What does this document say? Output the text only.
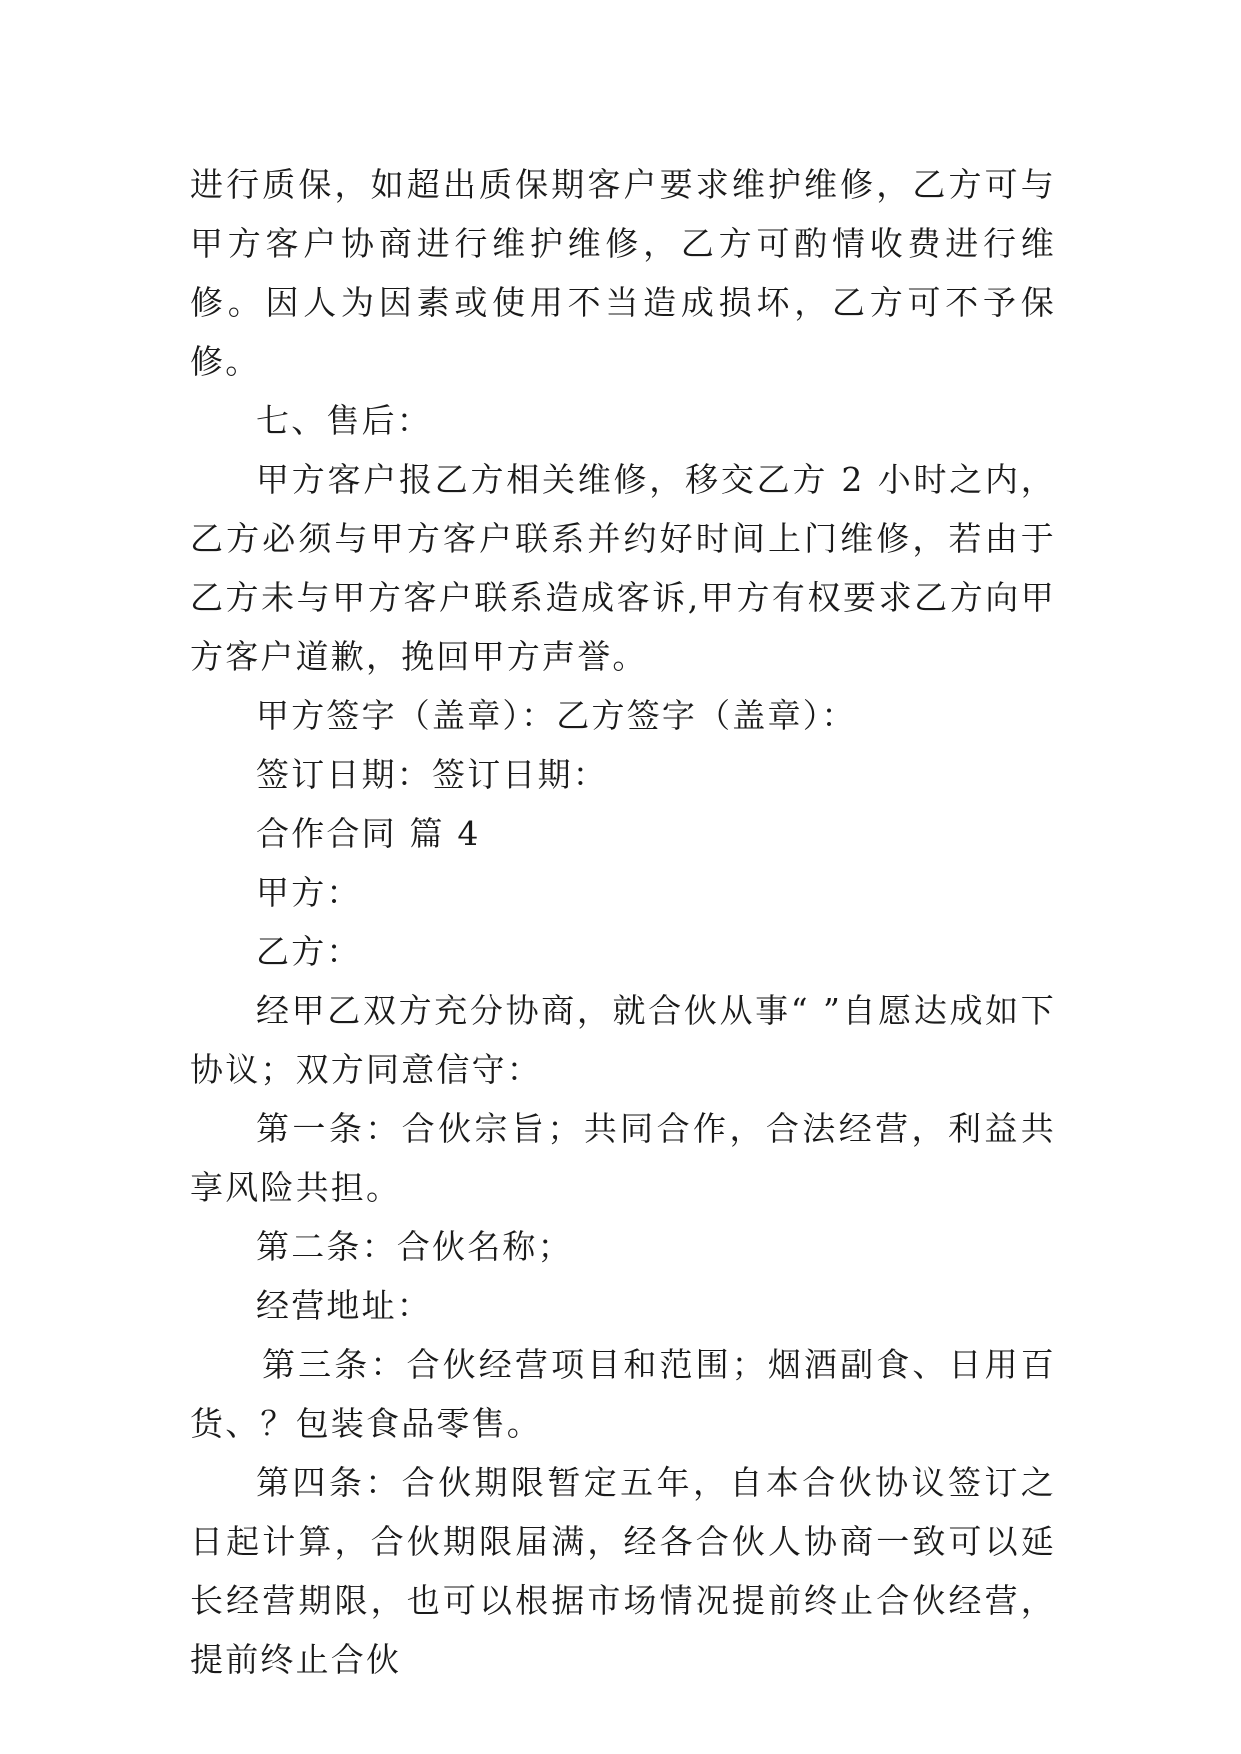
进行质保，如超出质保期客户要求维护维修，乙方可与甲方客户协商进行维护维修，乙方可酌情收费进行维修。因人为因素或使用不当造成损坏，乙方可不予保修。

七、售后：

甲方客户报乙方相关维修，移交乙方 2 小时之内，乙方必须与甲方客户联系并约好时间上门维修，若由于乙方未与甲方客户联系造成客诉,甲方有权要求乙方向甲方客户道歉，挽回甲方声誉。

甲方签字（盖章）：乙方签字（盖章）：

签订日期：签订日期：

合作合同 篇 4

甲方：

乙方：

经甲乙双方充分协商，就合伙从事“ ”自愿达成如下协议；双方同意信守：

第一条：合伙宗旨；共同合作，合法经营，利益共享风险共担。

第二条：合伙名称；

经营地址：

第三条：合伙经营项目和范围；烟酒副食、日用百货、？包装食品零售。

第四条：合伙期限暂定五年，自本合伙协议签订之日起计算，合伙期限届满，经各合伙人协商一致可以延长经营期限，也可以根据市场情况提前终止合伙经营，提前终止合伙
